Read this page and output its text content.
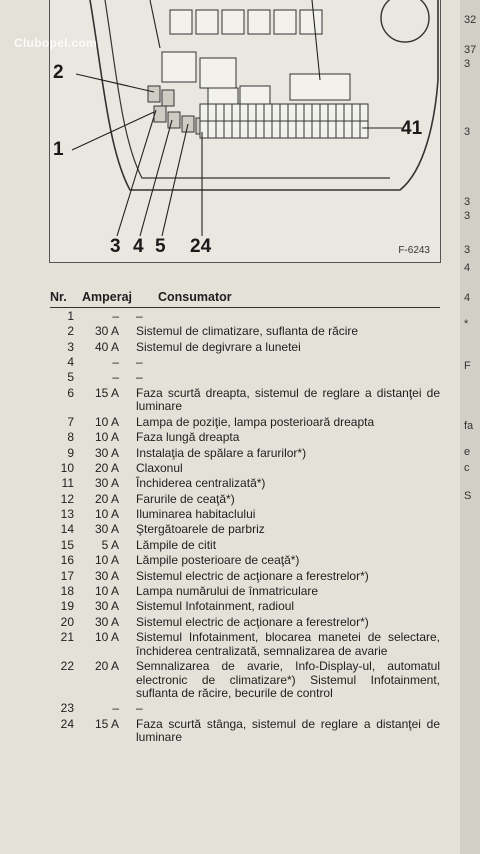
2
1
41
3 4 5 24	F-6243
Clubopel.com
Nr.	Amperaj	Consumator
1	–	–
2	30 A	Sistemul de climatizare, suflanta de răcire
3	40 A	Sistemul de degivrare a lunetei
4	–	–
5	–	–
6	15 A	Faza scurtă dreapta, sistemul de reglare a distanţei de luminare
7	10 A	Lampa de poziţie, lampa posterioară dreapta
8	10 A	Faza lungă dreapta
9	30 A	Instalaţia de spălare a farurilor*)
10	20 A	Claxonul
11	30 A	Închiderea centralizată*)
12	20 A	Farurile de ceaţă*)
13	10 A	Iluminarea habitaclului
14	30 A	Ştergătoarele de parbriz
15	5 A	Lămpile de citit
16	10 A	Lămpile posterioare de ceaţă*)
17	30 A	Sistemul electric de acţionare a ferestrelor*)
18	10 A	Lampa numărului de înmatriculare
19	30 A	Sistemul Infotainment, radioul
20	30 A	Sistemul electric de acţionare a ferestrelor*)
21	10 A	Sistemul Infotainment, blocarea manetei de selectare, închiderea centralizată, semnalizarea de avarie
22	20 A	Semnalizarea de avarie, Info-Display-ul, automatul electronic de climatizare*) Sistemul Infotainment, suflanta de răcire, becurile de control
23	–	–
24	15 A	Faza scurtă stânga, sistemul de reglare a distanţei de luminare
32
37
3
3
3
3
3
4
4
*
F
fa
e
c
S
